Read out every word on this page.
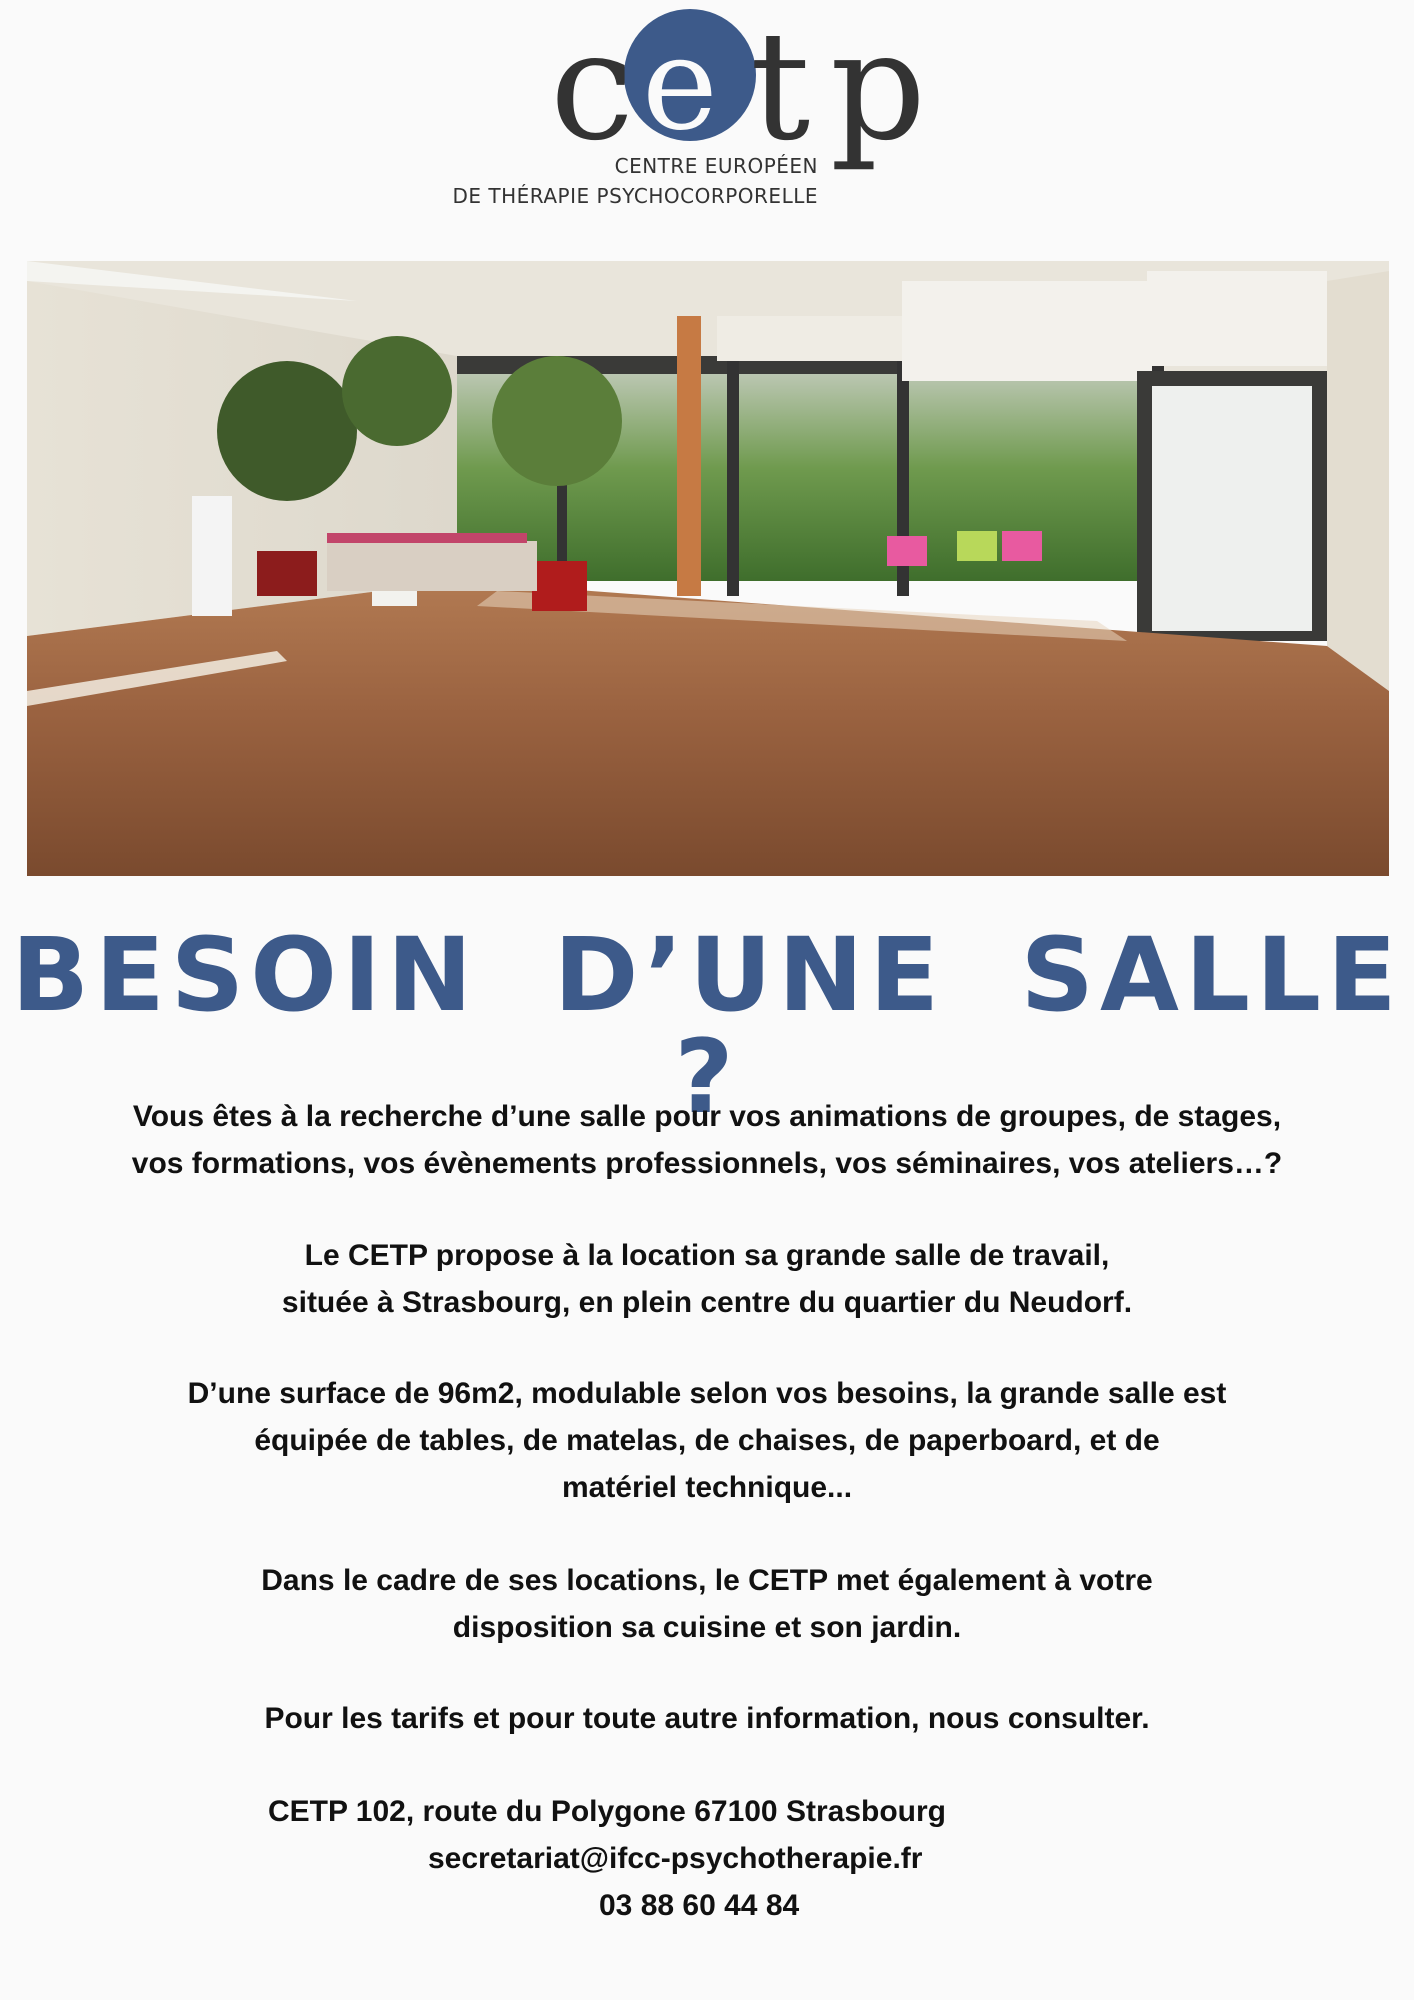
c e t p
CENTRE EUROPÉEN
DE THÉRAPIE PSYCHOCORPORELLE
BESOIN D’UNE SALLE ?
Vous êtes à la recherche d’une salle pour vos animations de groupes, de stages,
vos formations, vos évènements professionnels, vos séminaires, vos ateliers…?
Le CETP propose à la location sa grande salle de travail,
située à Strasbourg, en plein centre du quartier du Neudorf.
D’une surface de 96m2, modulable selon vos besoins, la grande salle est
équipée de tables, de matelas, de chaises, de paperboard, et de
matériel technique...
Dans le cadre de ses locations, le CETP met également à votre
disposition sa cuisine et son jardin.
Pour les tarifs et pour toute autre information, nous consulter.
CETP 102, route du Polygone 67100 Strasbourg
secretariat@ifcc-psychotherapie.fr
03 88 60 44 84
